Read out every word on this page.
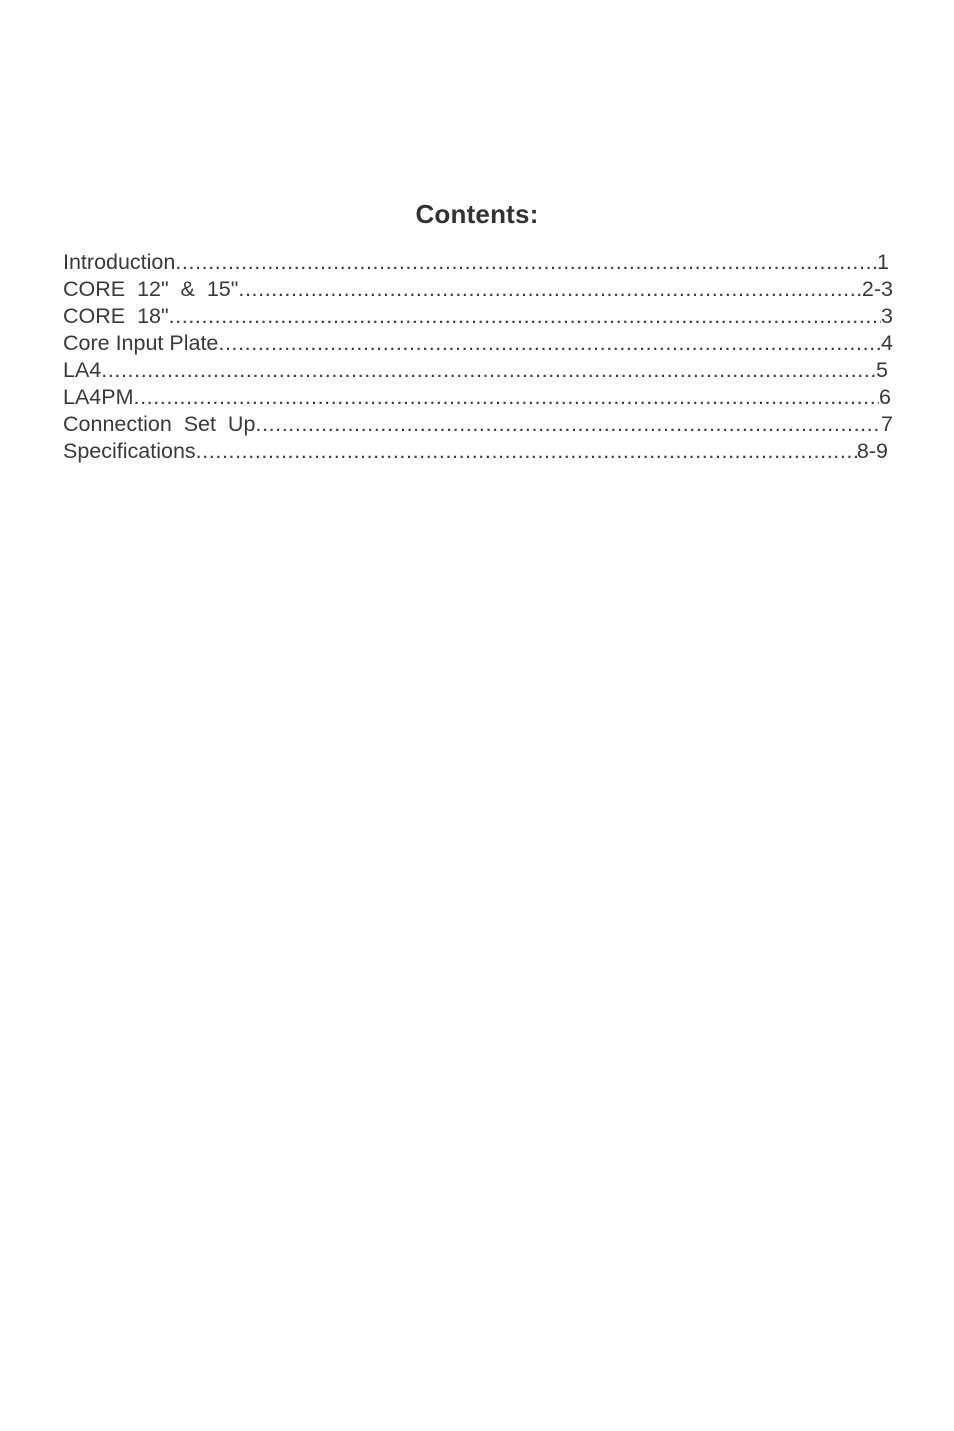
Contents:
Introduction .....	1
CORE  12"  &  15" .....	2-3
CORE  18" .....	3
Core Input Plate .....	4
LA4 .....	5
LA4PM .....	6
Connection  Set  Up .....	7
Specifications .....	8-9
